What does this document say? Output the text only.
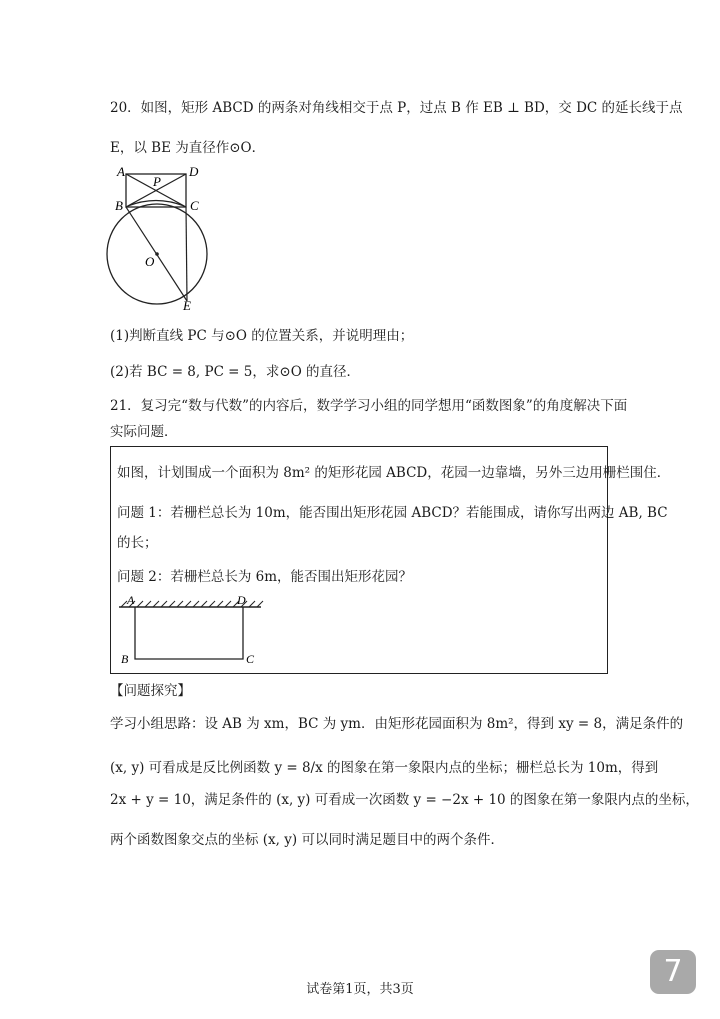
20．如图，矩形 ABCD 的两条对角线相交于点 P，过点 B 作 EB ⊥ BD，交 DC 的延长线于点
E，以 BE 为直径作⊙O．
A	D
P
B	C
O
E
(1)判断直线 PC 与⊙O 的位置关系，并说明理由；
(2)若 BC = 8, PC = 5，求⊙O 的直径．
21．复习完“数与代数”的内容后，数学学习小组的同学想用“函数图象”的角度解决下面
实际问题．
如图，计划围成一个面积为 8m² 的矩形花园 ABCD，花园一边靠墙，另外三边用栅栏围住．
问题 1：若栅栏总长为 10m，能否围出矩形花园 ABCD？若能围成，请你写出两边 AB, BC
的长；
问题 2：若栅栏总长为 6m，能否围出矩形花园？
A	D
B	C
【问题探究】
学习小组思路：设 AB 为 xm，BC 为 ym．由矩形花园面积为 8m²，得到 xy = 8，满足条件的
(x, y) 可看成是反比例函数 y = 8/x 的图象在第一象限内点的坐标；栅栏总长为 10m，得到
2x + y = 10，满足条件的 (x, y) 可看成一次函数 y = −2x + 10 的图象在第一象限内点的坐标，
两个函数图象交点的坐标 (x, y) 可以同时满足题目中的两个条件．
试卷第1页，共3页
7
